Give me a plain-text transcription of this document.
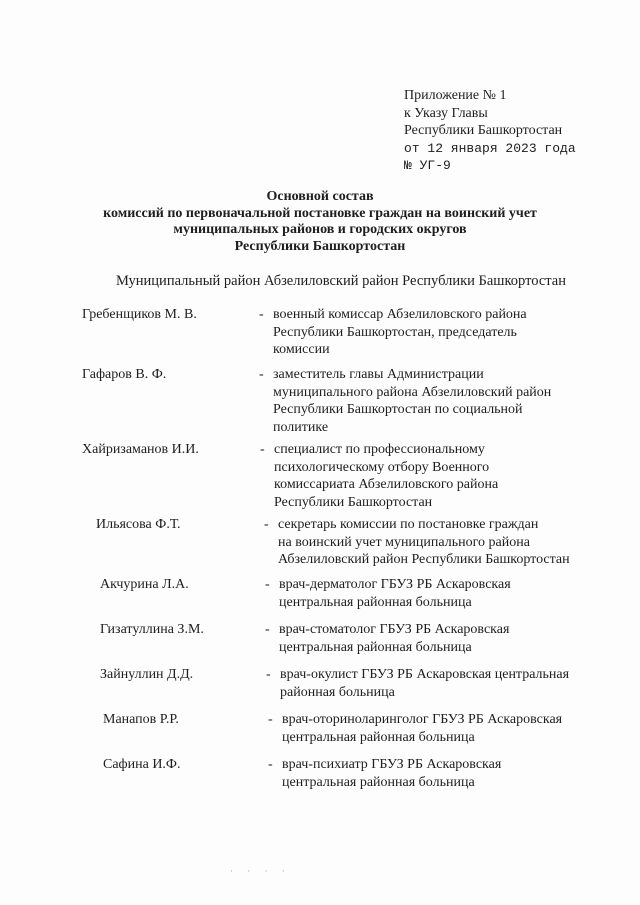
Приложение № 1
к Указу Главы
Республики Башкортостан
от 12 января 2023 года
№ УГ-9
Основной состав
комиссий по первоначальной постановке граждан на воинский учет
муниципальных районов и городских округов
Республики Башкортостан
Муниципальный район Абзелиловский район Республики Башкортостан
Гребенщиков М. В.	- военный комиссар Абзелиловского района
Республики Башкортостан, председатель
комиссии
Гафаров В. Ф.	- заместитель главы Администрации
муниципального района Абзелиловский район
Республики Башкортостан по социальной
политике
Хайризаманов И.И.	- специалист по профессиональному
психологическому отбору Военного
комиссариата Абзелиловского района
Республики Башкортостан
Ильясова Ф.Т.	- секретарь комиссии по постановке граждан
на воинский учет муниципального района
Абзелиловский район Республики Башкортостан
Акчурина Л.А.	- врач-дерматолог ГБУЗ РБ Аскаровская
центральная районная больница
Гизатуллина З.М.	- врач-стоматолог ГБУЗ РБ Аскаровская
центральная районная больница
Зайнуллин Д.Д.	- врач-окулист ГБУЗ РБ Аскаровская центральная
районная больница
Манапов Р.Р.	- врач-оториноларинголог ГБУЗ РБ Аскаровская
центральная районная больница
Сафина И.Ф.	- врач-психиатр ГБУЗ РБ Аскаровская
центральная районная больница
· · · ·
